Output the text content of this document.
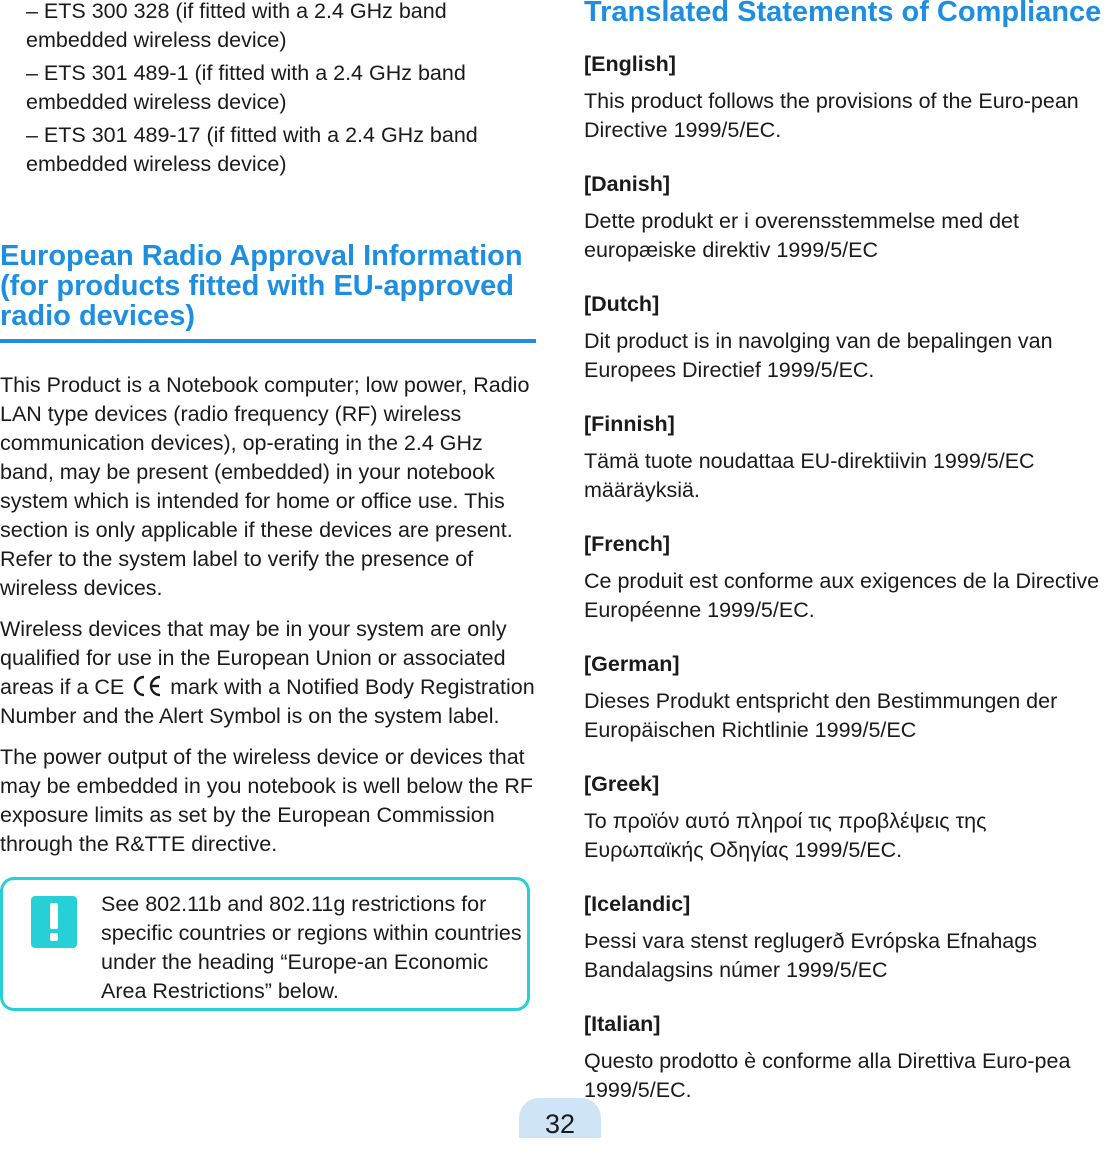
– ETS 300 328 (if fitted with a 2.4 GHz band embedded wireless device)
– ETS 301 489-1 (if fitted with a 2.4 GHz band embedded wireless device)
– ETS 301 489-17 (if fitted with a 2.4 GHz band embedded wireless device)
European Radio Approval Information (for products fitted with EU-approved radio devices)

This Product is a Notebook computer; low power, Radio LAN type devices (radio frequency (RF) wireless communication devices), op-erating in the 2.4 GHz band, may be present (embedded) in your notebook system which is intended for home or office use. This section is only applicable if these devices are present. Refer to the system label to verify the presence of wireless devices.

Wireless devices that may be in your system are only qualified for use in the European Union or associated areas if a CE  mark with a Notified Body Registration Number and the Alert Symbol is on the system label.

The power output of the wireless device or devices that may be embedded in you notebook is well below the RF exposure limits as set by the European Commission through the R&TTE directive.

See 802.11b and 802.11g restrictions for specific countries or regions within countries under the heading “Europe-an Economic Area Restrictions” below.
Translated Statements of Compliance
[English]

This product follows the provisions of the Euro-pean Directive 1999/5/EC.

[Danish]

Dette produkt er i overensstemmelse med det europæiske direktiv 1999/5/EC

[Dutch]

Dit product is in navolging van de bepalingen van Europees Directief 1999/5/EC.

[Finnish]

Tämä tuote noudattaa EU-direktiivin 1999/5/EC määräyksiä.

[French]

Ce produit est conforme aux exigences de la Directive Européenne 1999/5/EC.

[German]

Dieses Produkt entspricht den Bestimmungen der Europäischen Richtlinie 1999/5/EC

[Greek]

Το προϊόν αυτό πληροί τις προβλέψεις της Ευρωπαϊκής Οδηγίας 1999/5/EC.

[Icelandic]

Þessi vara stenst reglugerð Evrópska Efnahags Bandalagsins númer 1999/5/EC

[Italian]

Questo prodotto è conforme alla Direttiva Euro-pea 1999/5/EC.

32
